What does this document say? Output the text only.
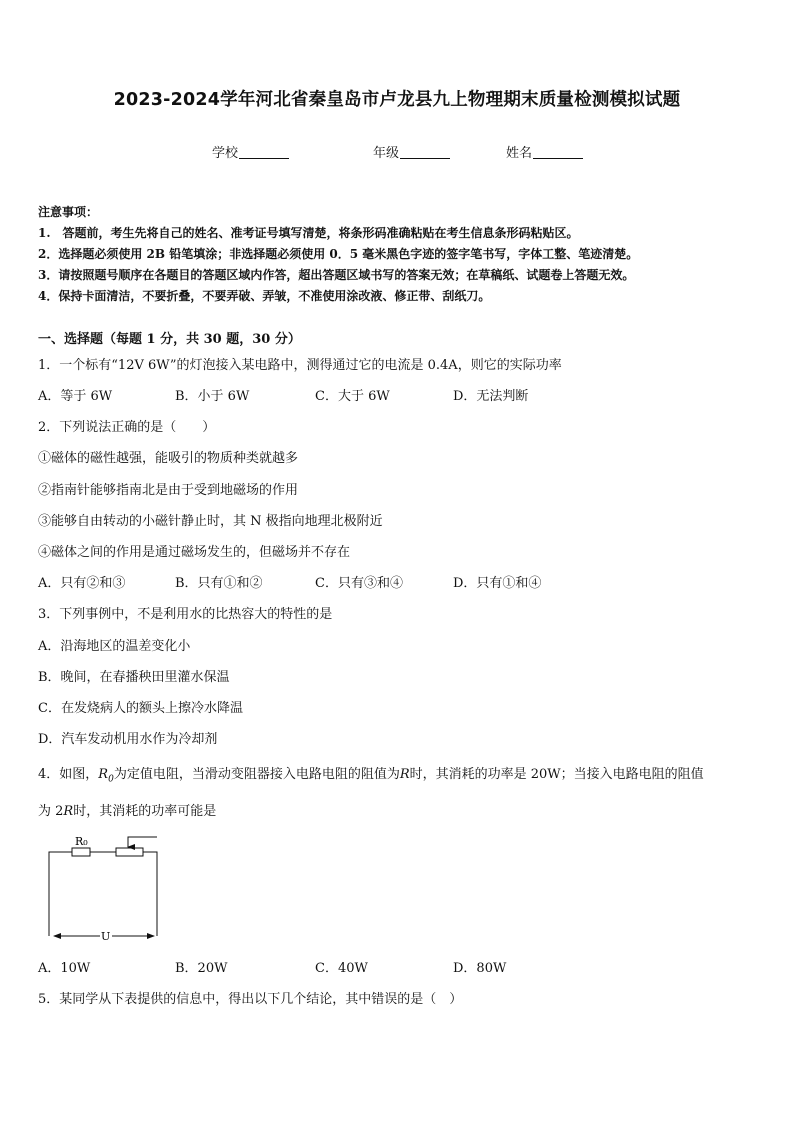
2023-2024学年河北省秦皇岛市卢龙县九上物理期末质量检测模拟试题
学校	年级	姓名
注意事项：
1.　答题前，考生先将自己的姓名、准考证号填写清楚，将条形码准确粘贴在考生信息条形码粘贴区。
2．选择题必须使用 2B 铅笔填涂；非选择题必须使用 0．5 毫米黑色字迹的签字笔书写，字体工整、笔迹清楚。
3．请按照题号顺序在各题目的答题区域内作答，超出答题区域书写的答案无效；在草稿纸、试题卷上答题无效。
4．保持卡面清洁，不要折叠，不要弄破、弄皱，不准使用涂改液、修正带、刮纸刀。
一、选择题（每题 1 分，共 30 题，30 分）
1．一个标有“12V 6W”的灯泡接入某电路中，测得通过它的电流是 0.4A，则它的实际功率
A．等于 6W	B．小于 6W	C．大于 6W	D．无法判断
2．下列说法正确的是（　　）
①磁体的磁性越强，能吸引的物质种类就越多
②指南针能够指南北是由于受到地磁场的作用
③能够自由转动的小磁针静止时，其 N 极指向地理北极附近
④磁体之间的作用是通过磁场发生的，但磁场并不存在
A．只有②和③	B．只有①和②	C．只有③和④	D．只有①和④
3．下列事例中，不是利用水的比热容大的特性的是
A．沿海地区的温差变化小
B．晚间，在春播秧田里灌水保温
C．在发烧病人的额头上擦冷水降温
D．汽车发动机用水作为冷却剂
4．如图，$R_0$为定值电阻，当滑动变阻器接入电路电阻的阻值为R时，其消耗的功率是 20W；当接入电路电阻的阻值
为 2R时，其消耗的功率可能是
R₀
U
A．10W	B．20W	C．40W	D．80W
5．某同学从下表提供的信息中，得出以下几个结论，其中错误的是（　）
